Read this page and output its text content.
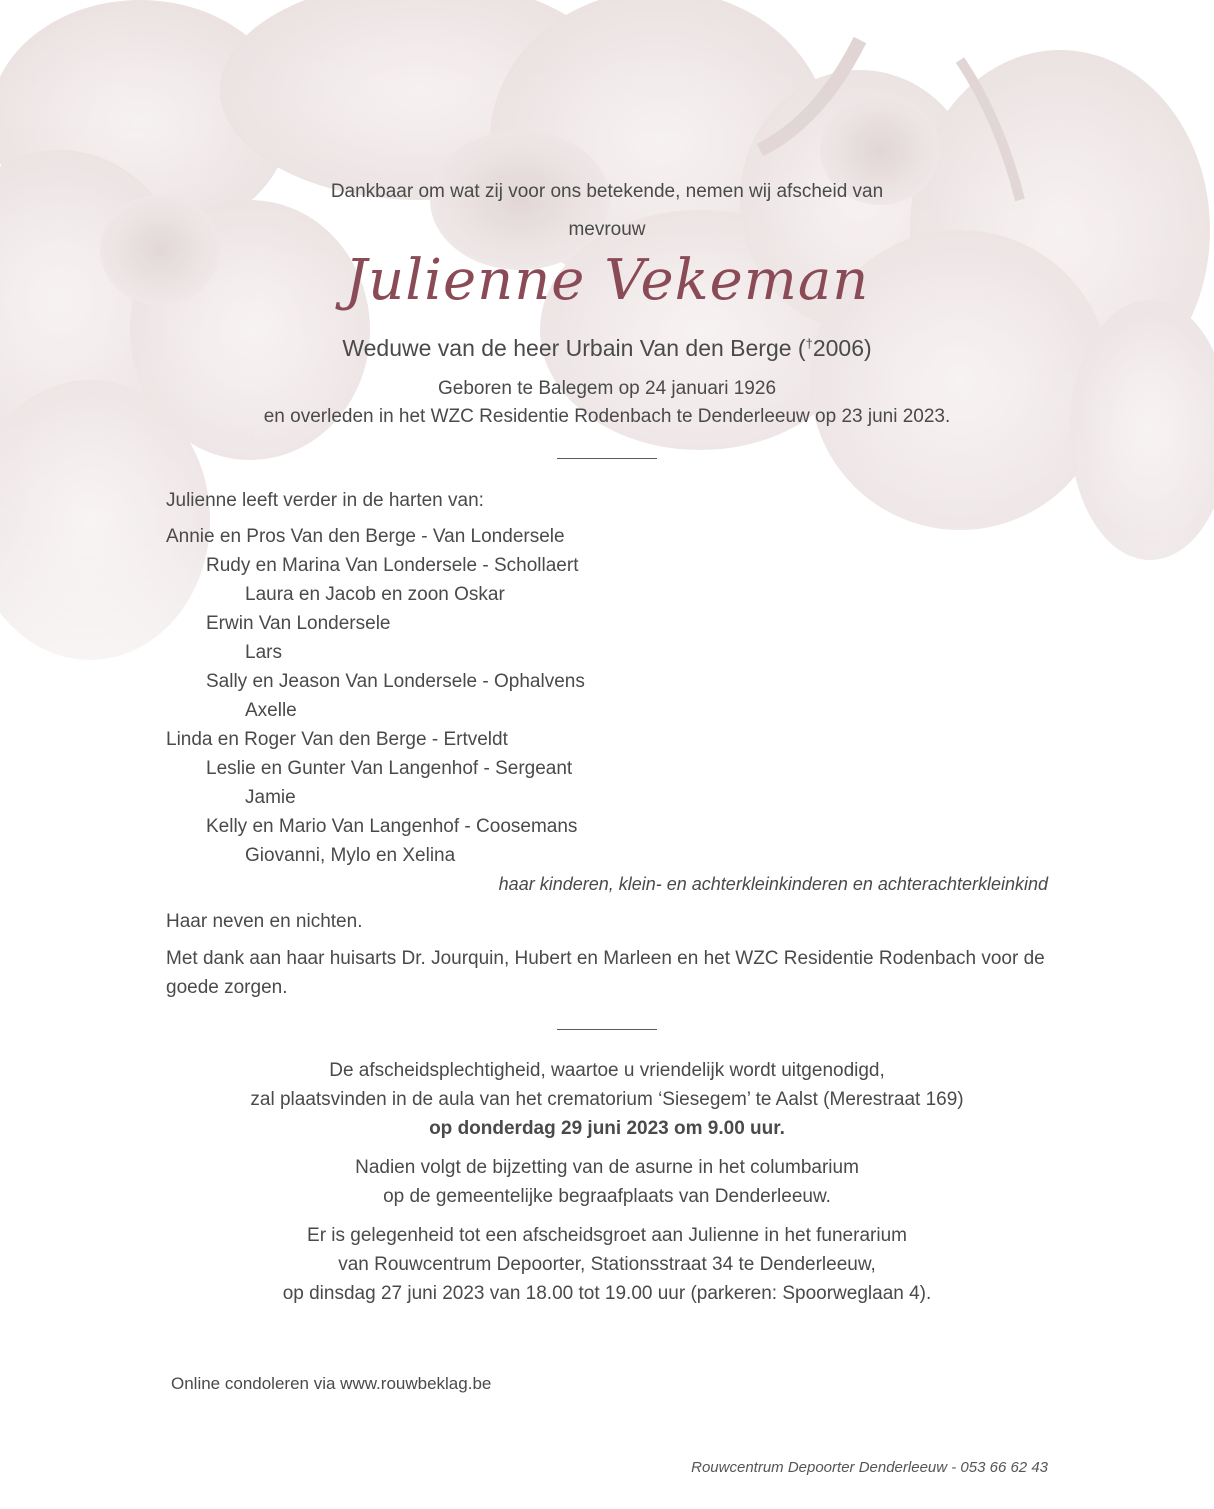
Dankbaar om wat zij voor ons betekende, nemen wij afscheid van
mevrouw
Julienne Vekeman
Weduwe van de heer Urbain Van den Berge (†2006)
Geboren te Balegem op 24 januari 1926
en overleden in het WZC Residentie Rodenbach te Denderleeuw op 23 juni 2023.
Julienne leeft verder in de harten van:
Annie en Pros Van den Berge - Van Londersele
Rudy en Marina Van Londersele - Schollaert
Laura en Jacob en zoon Oskar
Erwin Van Londersele
Lars
Sally en Jeason Van Londersele - Ophalvens
Axelle
Linda en Roger Van den Berge - Ertveldt
Leslie en Gunter Van Langenhof - Sergeant
Jamie
Kelly en Mario Van Langenhof - Coosemans
Giovanni, Mylo en Xelina
haar kinderen, klein- en achterkleinkinderen en achterachterkleinkind

Haar neven en nichten.

Met dank aan haar huisarts Dr. Jourquin, Hubert en Marleen en het WZC Residentie Rodenbach voor de goede zorgen.

De afscheidsplechtigheid, waartoe u vriendelijk wordt uitgenodigd,
zal plaatsvinden in de aula van het crematorium ‘Siesegem’ te Aalst (Merestraat 169)
op donderdag 29 juni 2023 om 9.00 uur.

Nadien volgt de bijzetting van de asurne in het columbarium
op de gemeentelijke begraafplaats van Denderleeuw.

Er is gelegenheid tot een afscheidsgroet aan Julienne in het funerarium
van Rouwcentrum Depoorter, Stationsstraat 34 te Denderleeuw,
op dinsdag 27 juni 2023 van 18.00 tot 19.00 uur (parkeren: Spoorweglaan 4).

Online condoleren via www.rouwbeklag.be
Rouwcentrum Depoorter Denderleeuw - 053 66 62 43
